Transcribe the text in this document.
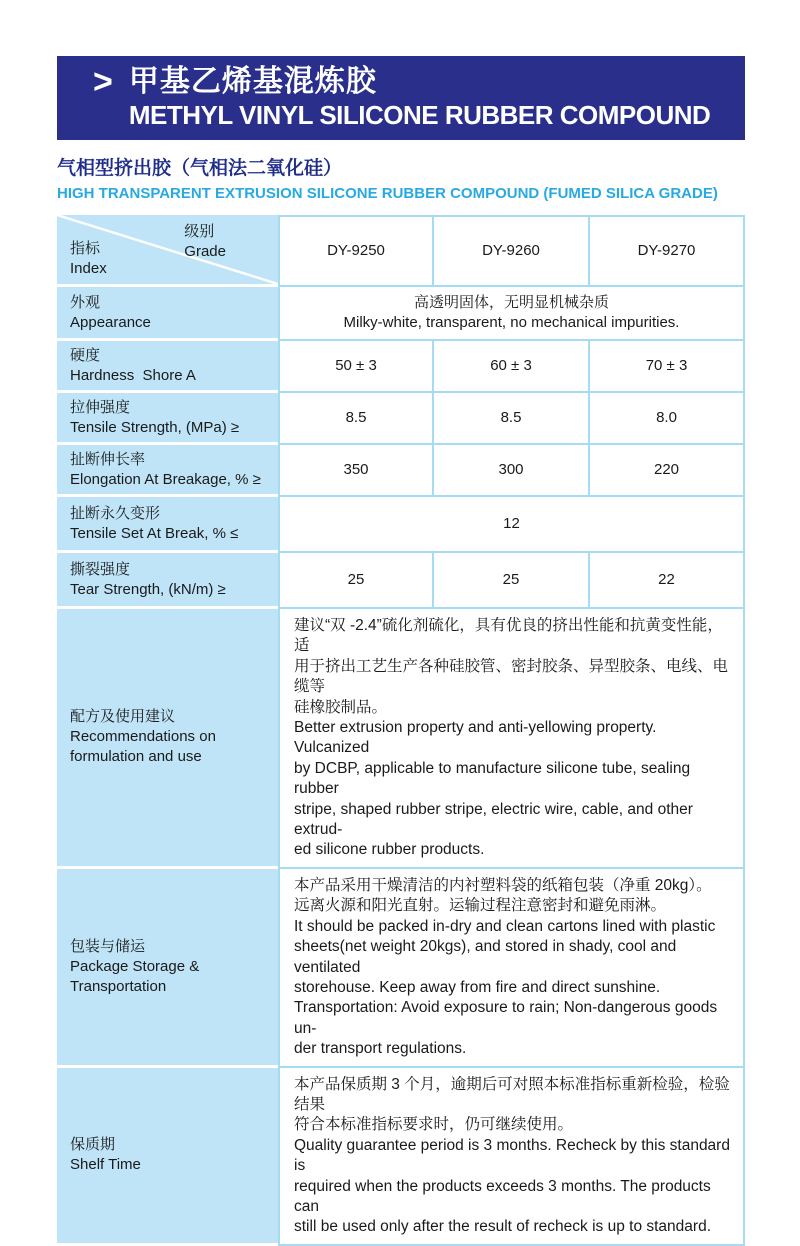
> 甲基乙烯基混炼胶
METHYL VINYL SILICONE RUBBER COMPOUND
气相型挤出胶（气相法二氧化硅）
HIGH TRANSPARENT EXTRUSION SILICONE RUBBER COMPOUND (FUMED SILICA GRADE)
级别
Grade
指标
Index	DY-9250	DY-9260	DY-9270

外观
Appearance

高透明固体，无明显机械杂质
Milky-white, transparent, no mechanical impurities.

硬度
Hardness  Shore A	50 ± 3	60 ± 3	70 ± 3

拉伸强度
Tensile Strength, (MPa) ≥	8.5	8.5	8.0

扯断伸长率
Elongation At Breakage, % ≥	350	300	220

扯断永久变形
Tensile Set At Break, % ≤	12		

撕裂强度
Tear Strength, (kN/m) ≥	25	25	22

配方及使用建议
Recommendations on formulation and use

建议“双 -2.4”硫化剂硫化，具有优良的挤出性能和抗黄变性能，适
用于挤出工艺生产各种硅胶管、密封胶条、异型胶条、电线、电缆等
硅橡胶制品。
Better extrusion property and anti-yellowing property. Vulcanized
by DCBP, applicable to manufacture silicone tube, sealing rubber
stripe, shaped rubber stripe, electric wire, cable, and other extrud-
ed silicone rubber products.

包装与储运
Package Storage & Transportation

本产品采用干燥清洁的内衬塑料袋的纸箱包装（净重 20kg）。
远离火源和阳光直射。运输过程注意密封和避免雨淋。
It should be packed in-dry and clean cartons lined with plastic
sheets(net weight 20kgs), and stored in shady, cool and ventilated
storehouse. Keep away from fire and direct sunshine.
Transportation: Avoid exposure to rain; Non-dangerous goods un-
der transport regulations.

保质期
Shelf Time

本产品保质期 3 个月，逾期后可对照本标准指标重新检验，检验结果
符合本标准指标要求时，仍可继续使用。
Quality guarantee period is 3 months. Recheck by this standard is
required when the products exceeds 3 months. The products can
still be used only after the result of recheck is up to standard.
